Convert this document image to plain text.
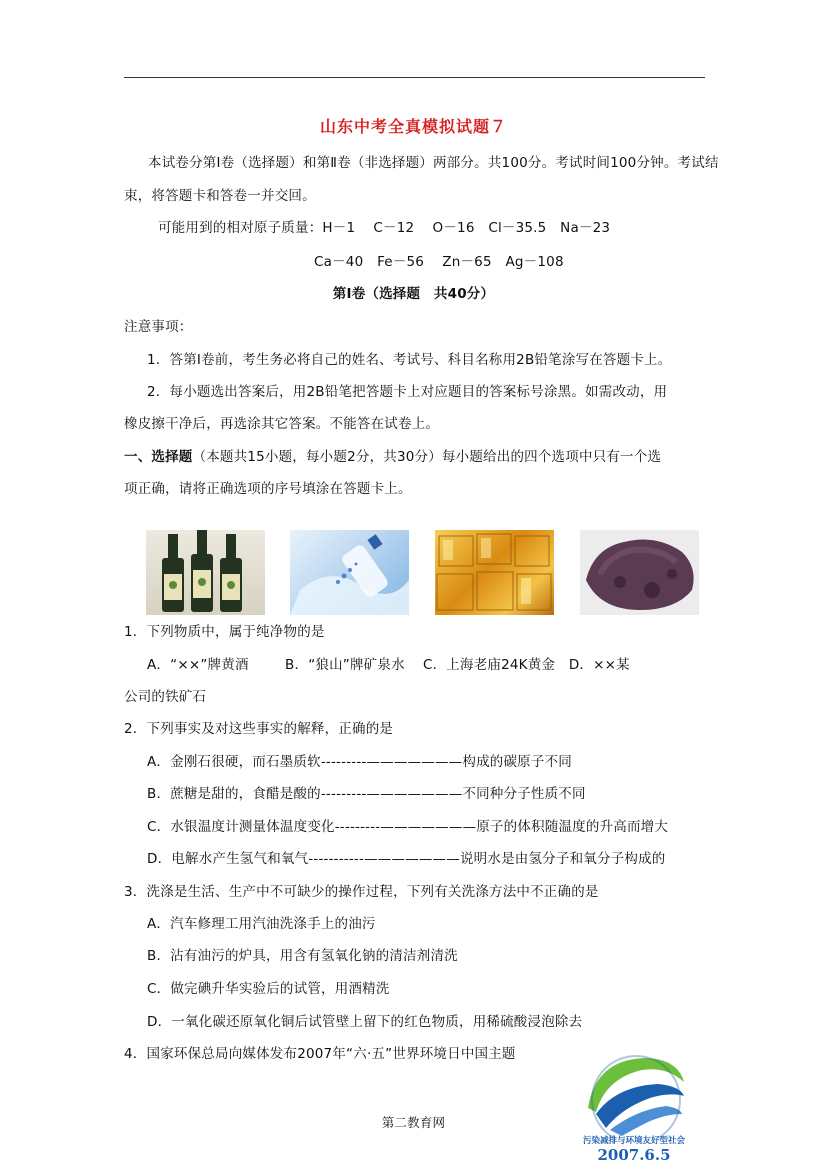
山东中考全真模拟试题７
本试卷分第Ⅰ卷（选择题）和第Ⅱ卷（非选择题）两部分。共100分。考试时间100分钟。考试结
束，将答题卡和答卷一并交回。
可能用到的相对原子质量：H－1　 C－12 　O－16　Cl－35.5　Na－23
Ca－40　Fe－56　 Zn－65　Ag－108
第Ⅰ卷（选择题　共40分）
注意事项：
1．答第Ⅰ卷前，考生务必将自己的姓名、考试号、科目名称用2B铅笔涂写在答题卡上。
2．每小题选出答案后，用2B铅笔把答题卡上对应题目的答案标号涂黑。如需改动，用
橡皮擦干净后，再选涂其它答案。不能答在试卷上。
一、选择题（本题共15小题，每小题2分，共30分）每小题给出的四个选项中只有一个选
项正确，请将正确选项的序号填涂在答题卡上。
1．下列物质中，属于纯净物的是
A．“××”牌黄酒　 　 B．“狼山”牌矿泉水　 C．上海老庙24K黄金　D．××某
公司的铁矿石
2．下列事实及对这些事实的解释，正确的是
A．金刚石很硬，而石墨质软---------———————构成的碳原子不同
B．蔗糖是甜的，食醋是酸的---------———————不同种分子性质不同
C．水银温度计测量体温度变化---------———————原子的体积随温度的升高而增大
D．电解水产生氢气和氧气-----------———————说明水是由氢分子和氧分子构成的
3．洗涤是生活、生产中不可缺少的操作过程，下列有关洗涤方法中不正确的是
A．汽车修理工用汽油洗涤手上的油污
B．沾有油污的炉具，用含有氢氧化钠的清洁剂清洗
C．做完碘升华实验后的试管，用酒精洗
D．一氧化碳还原氧化铜后试管壁上留下的红色物质，用稀硫酸浸泡除去
4．国家环保总局向媒体发布2007年“六·五”世界环境日中国主题
第二教育网
污染减排与环境友好型社会
2007.6.5
